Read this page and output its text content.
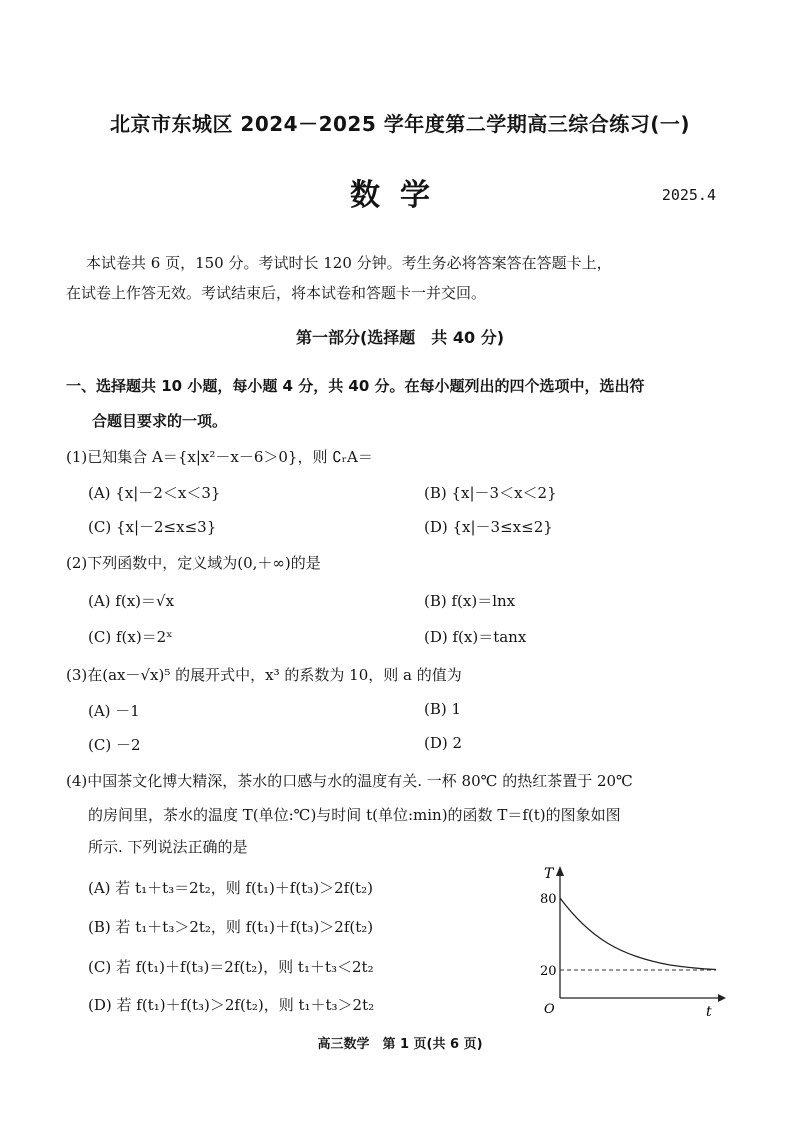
北京市东城区 2024－2025 学年度第二学期高三综合练习(一)
数学	2025.4
本试卷共 6 页，150 分。考试时长 120 分钟。考生务必将答案答在答题卡上，
在试卷上作答无效。考试结束后，将本试卷和答题卡一并交回。
第一部分(选择题　共 40 分)
一、选择题共 10 小题，每小题 4 分，共 40 分。在每小题列出的四个选项中，选出符
合题目要求的一项。
(1)已知集合 A＝{x|x²－x－6＞0}，则 ∁ᵣA＝
(A) {x|－2＜x＜3}	(B) {x|－3＜x＜2}
(C) {x|－2≤x≤3}	(D) {x|－3≤x≤2}
(2)下列函数中，定义域为(0,＋∞)的是
(A) f(x)＝√x	(B) f(x)＝lnx
(C) f(x)＝2ˣ	(D) f(x)＝tanx
(3)在(ax－√x)⁵ 的展开式中，x³ 的系数为 10，则 a 的值为
(A) －1	(B) 1
(C) －2	(D) 2
(4)中国茶文化博大精深，茶水的口感与水的温度有关. 一杯 80℃ 的热红茶置于 20℃
的房间里，茶水的温度 T(单位:℃)与时间 t(单位:min)的函数 T＝f(t)的图象如图
所示. 下列说法正确的是
(A) 若 t₁＋t₃＝2t₂，则 f(t₁)＋f(t₃)＞2f(t₂)
(B) 若 t₁＋t₃＞2t₂，则 f(t₁)＋f(t₃)＞2f(t₂)
(C) 若 f(t₁)＋f(t₃)＝2f(t₂)，则 t₁＋t₃＜2t₂
(D) 若 f(t₁)＋f(t₃)＞2f(t₂)，则 t₁＋t₃＞2t₂
T
t
O
80
20
高三数学　第 1 页(共 6 页)
